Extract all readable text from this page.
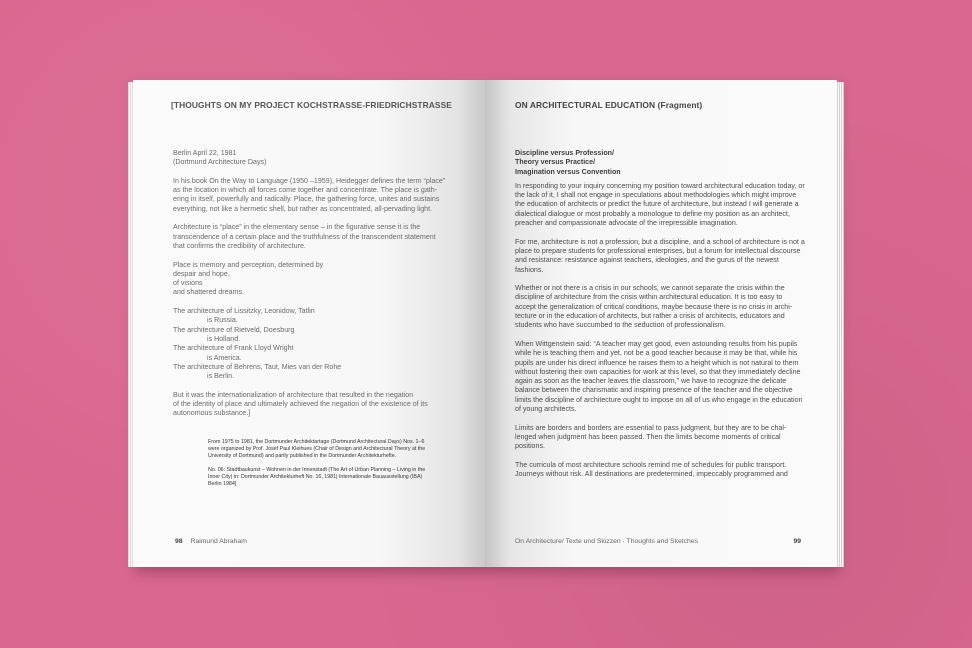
[THOUGHTS ON MY PROJECT KOCHSTRASSE-FRIEDRICHSTRASSE

Berlin April 22, 1981
(Dortmund Architecture Days)

In his book On the Way to Language (1950 –1959), Heidegger defines the term “place”
as the location in which all forces come together and concentrate. The place is gath-
ering in itself, powerfully and radically. Place, the gathering force, unites and sustains
everything, not like a hermetic shell, but rather as concentrated, all-pervading light.

Architecture is “place” in the elementary sense – in the figurative sense it is the
transcendence of a certain place and the truthfulness of the transcendent statement
that confirms the credibility of architecture.

Place is memory and perception, determined by
despair and hope,
of visions
and shattered dreams.

The architecture of Lissitzky, Leonidow, Tatlin
is Russia.
The architecture of Rietveld, Doesburg
is Holland.
The architecture of Frank Lloyd Wright
is America.
The architecture of Behrens, Taut, Mies van der Rohe
is Berlin.

But it was the internationalization of architecture that resulted in the negation
of the identity of place and ultimately achieved the negation of the existence of its
autonomous substance.]

From 1975 to 1981, the Dortmunder Architektartage (Dortmund Architectural Days) Nos. 1–6 were organized by Prof. Josef Paul Kleihues (Chair of Design and Architectural Theory at the University of Dortmund) and partly published in the Dortmunder Architekturhefte.

No. 06: Stadtbaukunst – Wohnen in der Innenstadt (The Art of Urban Planning – Living in the Inner City) in: Dortmunder Architekturheft No. 16, 1981| Internationale Bauausstellung (IBA) Berlin 1984]

98 Raimund Abraham
ON ARCHITECTURAL EDUCATION (Fragment)
Discipline versus Profession/
Theory versus Practice/
Imagination versus Convention

In responding to your inquiry concerning my position toward architectural education today, or the lack of it, I shall not engage in speculations about methodologies which might improve the education of architects or predict the future of architecture, but instead I will generate a dialectical dialogue or most probably a monologue to define my position as an architect, preacher and compassionate advocate of the irrepressible imagination.

For me, architecture is not a profession, but a discipline, and a school of architecture is not a place to prepare students for professional enterprises, but a forum for intellectual discourse and resistance: resistance against teachers, ideologies, and the gurus of the newest fashions.

Whether or not there is a crisis in our schools, we cannot separate the crisis within the discipline of architecture from the crisis within architectural education. It is too easy to accept the generalization of critical conditions, maybe because there is no crisis in archi-tecture or in the education of architects, but rather a crisis of architects, educators and students who have succumbed to the seduction of professionalism.

When Wittgenstein said: “A teacher may get good, even astounding results from his pupils while he is teaching them and yet, not be a good teacher because it may be that, while his pupils are under his direct influence he raises them to a height which is not natural to them without fostering their own capacities for work at this level, so that they immediately decline again as soon as the teacher leaves the classroom,” we have to recognize the delicate balance between the charismatic and inspiring presence of the teacher and the objective limits the discipline of architecture ought to impose on all of us who engage in the education of young architects.

Limits are borders and borders are essential to pass judgment, but they are to be chal-lenged when judgment has been passed. Then the limits become moments of critical positions.

The curricula of most architecture schools remind me of schedules for public transport. Journeys without risk. All destinations are predetermined, impeccably programmed and

On Architecture/ Texte und Skizzen · Thoughts and Sketches	99
